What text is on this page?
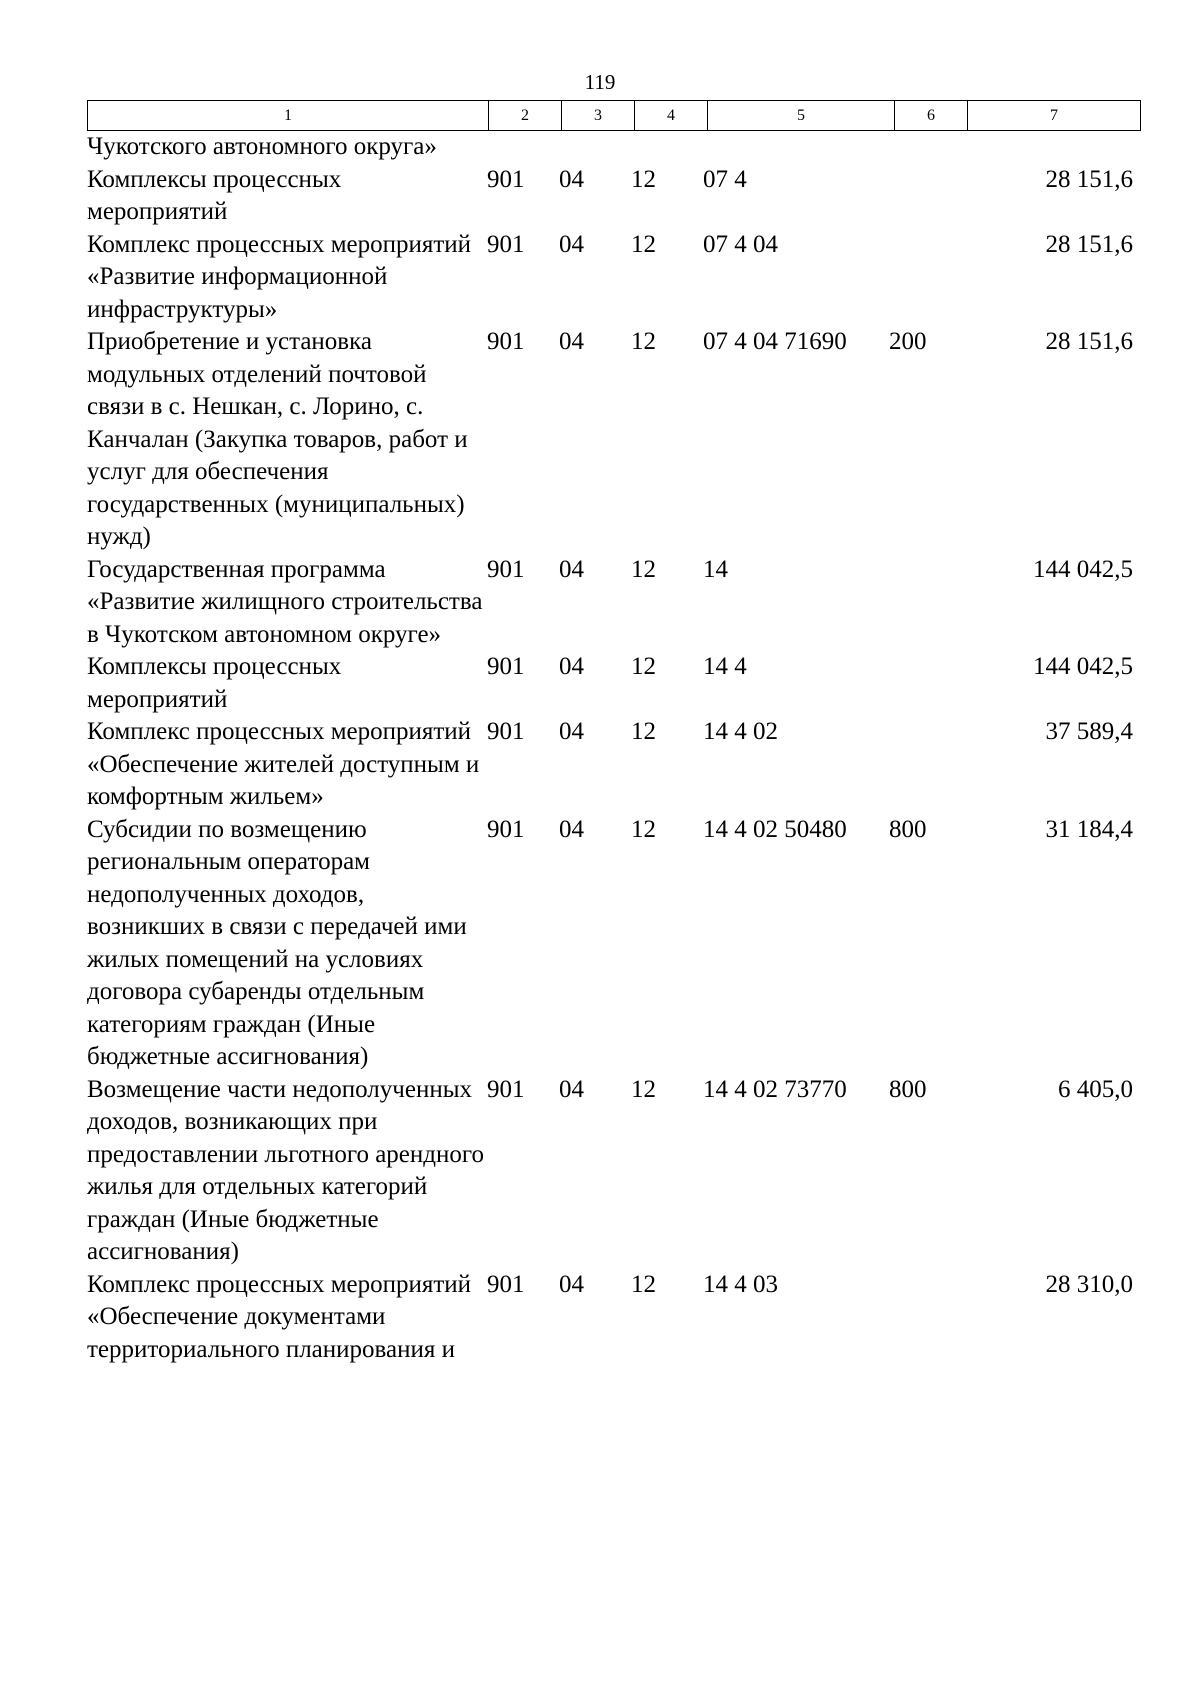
119
1	2	3	4	5	6	7
Чукотского автономного округа»						
Комплексы процессных мероприятий	901	04	12	07 4		28 151,6
Комплекс процессных мероприятий «Развитие информационной инфраструктуры»	901	04	12	07 4 04		28 151,6
Приобретение и установка модульных отделений почтовой связи в с. Нешкан, с. Лорино, с. Канчалан (Закупка товаров, работ и услуг для обеспечения государственных (муниципальных) нужд)	901	04	12	07 4 04 71690	200	28 151,6
Государственная программа «Развитие жилищного строительства в Чукотском автономном округе»	901	04	12	14		144 042,5
Комплексы процессных мероприятий	901	04	12	14 4		144 042,5
Комплекс процессных мероприятий «Обеспечение жителей доступным и комфортным жильем»	901	04	12	14 4 02		37 589,4
Субсидии по возмещению региональным операторам недополученных доходов, возникших в связи с передачей ими жилых помещений на условиях договора субаренды отдельным категориям граждан (Иные бюджетные ассигнования)	901	04	12	14 4 02 50480	800	31 184,4
Возмещение части недополученных доходов, возникающих при предоставлении льготного арендного жилья для отдельных категорий граждан (Иные бюджетные ассигнования)	901	04	12	14 4 02 73770	800	6 405,0
Комплекс процессных мероприятий «Обеспечение документами территориального планирования и	901	04	12	14 4 03		28 310,0
